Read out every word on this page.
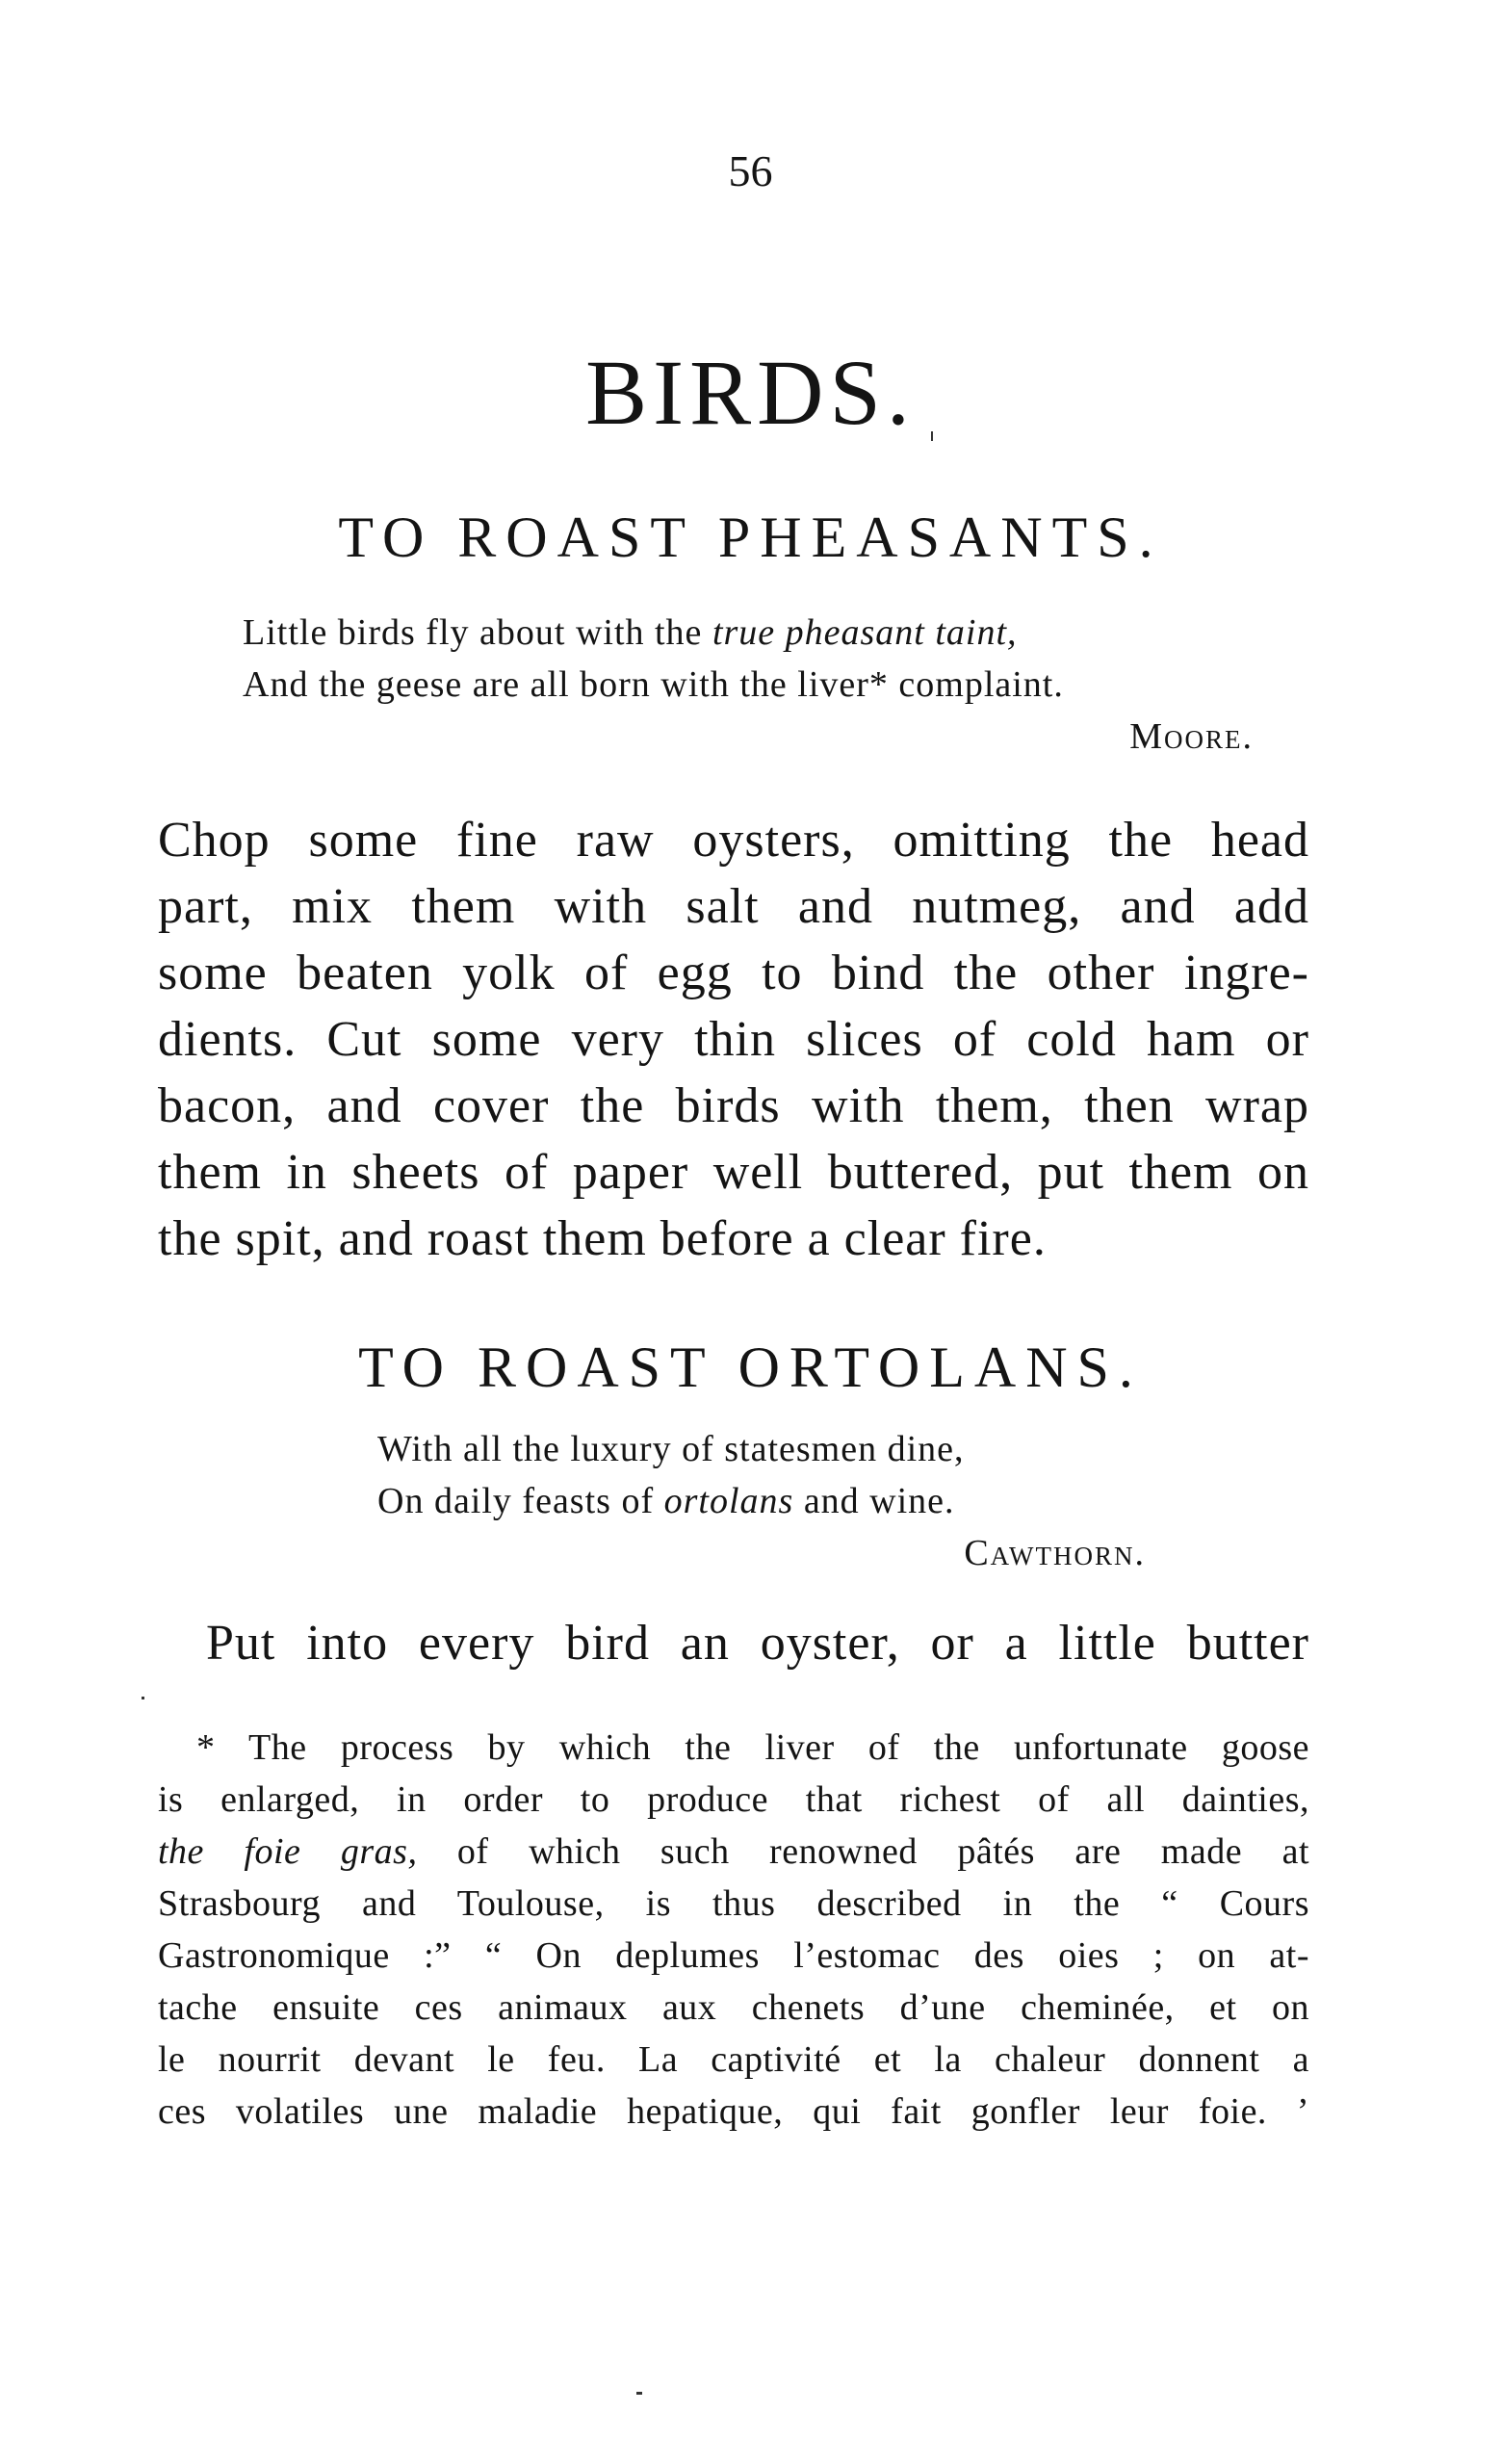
56
BIRDS.
TO ROAST PHEASANTS.
Little birds fly about with the true pheasant taint,
And the geese are all born with the liver* complaint.
Moore.
Chop some fine raw oysters, omitting the head
part, mix them with salt and nutmeg, and add
some beaten yolk of egg to bind the other ingre-
dients. Cut some very thin slices of cold ham or
bacon, and cover the birds with them, then wrap
them in sheets of paper well buttered, put them on
the spit, and roast them before a clear fire.
TO ROAST ORTOLANS.
With all the luxury of statesmen dine,
On daily feasts of ortolans and wine.
Cawthorn.
Put into every bird an oyster, or a little butter
* The process by which the liver of the unfortunate goose
is enlarged, in order to produce that richest of all dainties,
the foie gras, of which such renowned pâtés are made at
Strasbourg and Toulouse, is thus described in the “ Cours
Gastronomique :” “ On deplumes l’estomac des oies ; on at-
tache ensuite ces animaux aux chenets d’une cheminée, et on
le nourrit devant le feu. La captivité et la chaleur donnent a
ces volatiles une maladie hepatique, qui fait gonfler leur foie. ’
